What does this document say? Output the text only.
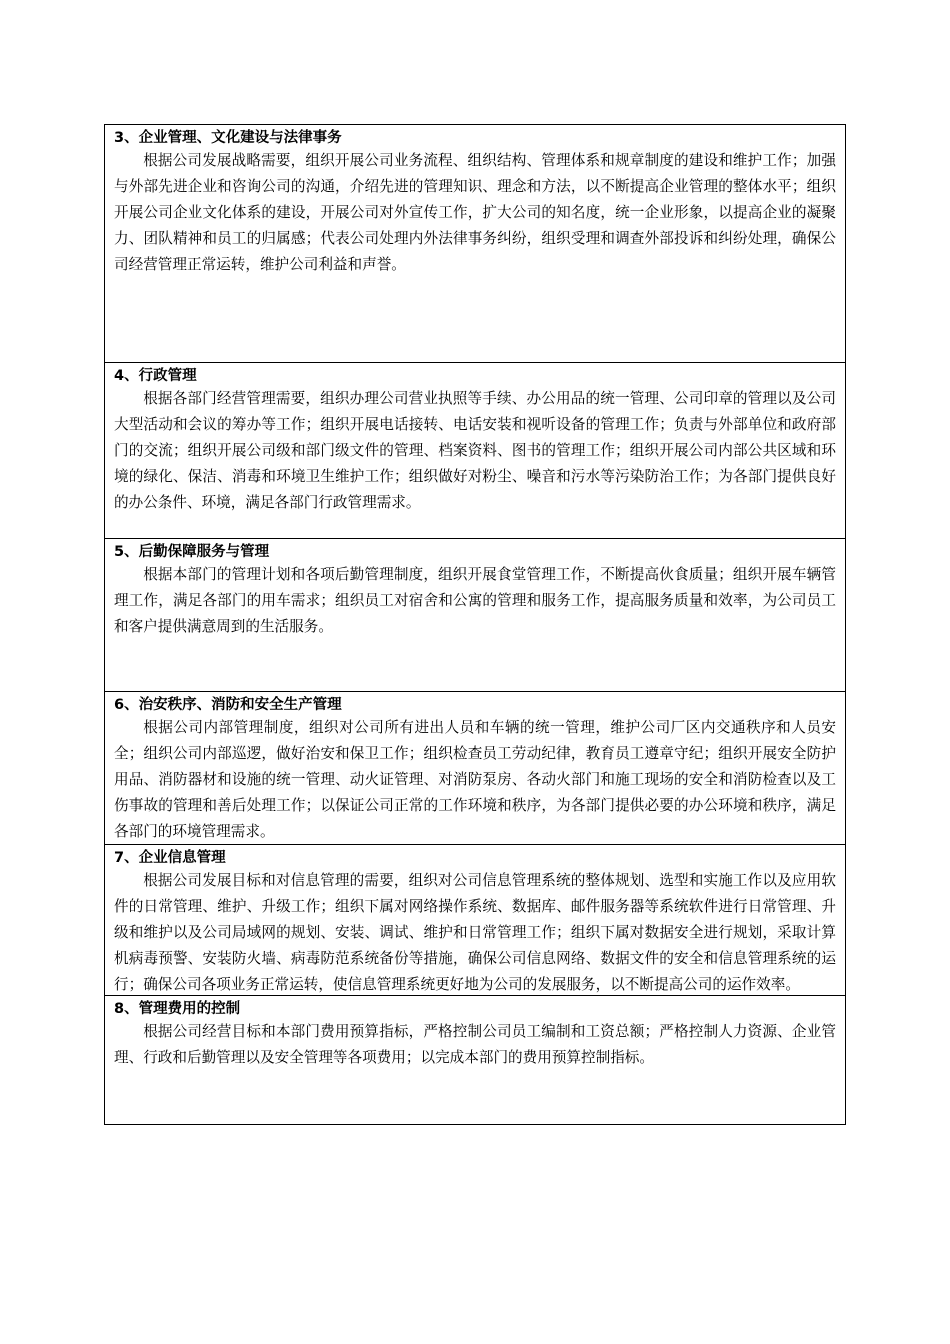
3、企业管理、文化建设与法律事务
根据公司发展战略需要，组织开展公司业务流程、组织结构、管理体系和规章制度的建设和维护工作；加强与外部先进企业和咨询公司的沟通，介绍先进的管理知识、理念和方法，以不断提高企业管理的整体水平；组织开展公司企业文化体系的建设，开展公司对外宣传工作，扩大公司的知名度，统一企业形象，以提高企业的凝聚力、团队精神和员工的归属感；代表公司处理内外法律事务纠纷，组织受理和调查外部投诉和纠纷处理，确保公司经营管理正常运转，维护公司利益和声誉。
4、行政管理
根据各部门经营管理需要，组织办理公司营业执照等手续、办公用品的统一管理、公司印章的管理以及公司大型活动和会议的筹办等工作；组织开展电话接转、电话安装和视听设备的管理工作；负责与外部单位和政府部门的交流；组织开展公司级和部门级文件的管理、档案资料、图书的管理工作；组织开展公司内部公共区域和环境的绿化、保洁、消毒和环境卫生维护工作；组织做好对粉尘、噪音和污水等污染防治工作；为各部门提供良好的办公条件、环境，满足各部门行政管理需求。
5、后勤保障服务与管理
根据本部门的管理计划和各项后勤管理制度，组织开展食堂管理工作，不断提高伙食质量；组织开展车辆管理工作，满足各部门的用车需求；组织员工对宿舍和公寓的管理和服务工作，提高服务质量和效率，为公司员工和客户提供满意周到的生活服务。
6、治安秩序、消防和安全生产管理
根据公司内部管理制度，组织对公司所有进出人员和车辆的统一管理，维护公司厂区内交通秩序和人员安全；组织公司内部巡逻，做好治安和保卫工作；组织检查员工劳动纪律，教育员工遵章守纪；组织开展安全防护用品、消防器材和设施的统一管理、动火证管理、对消防泵房、各动火部门和施工现场的安全和消防检查以及工伤事故的管理和善后处理工作；以保证公司正常的工作环境和秩序，为各部门提供必要的办公环境和秩序，满足各部门的环境管理需求。
7、企业信息管理
根据公司发展目标和对信息管理的需要，组织对公司信息管理系统的整体规划、选型和实施工作以及应用软件的日常管理、维护、升级工作；组织下属对网络操作系统、数据库、邮件服务器等系统软件进行日常管理、升级和维护以及公司局域网的规划、安装、调试、维护和日常管理工作；组织下属对数据安全进行规划，采取计算机病毒预警、安装防火墙、病毒防范系统备份等措施，确保公司信息网络、数据文件的安全和信息管理系统的运行；确保公司各项业务正常运转，使信息管理系统更好地为公司的发展服务，以不断提高公司的运作效率。
8、管理费用的控制
根据公司经营目标和本部门费用预算指标，严格控制公司员工编制和工资总额；严格控制人力资源、企业管理、行政和后勤管理以及安全管理等各项费用；以完成本部门的费用预算控制指标。
